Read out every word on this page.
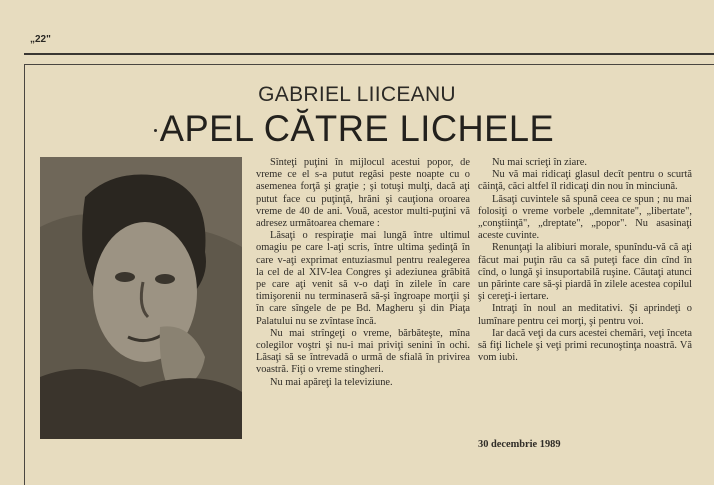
„22"
GABRIEL LIICEANU
APEL CĂTRE LICHELE

Sînteţi puţini în mijlocul acestui popor, de vreme ce el s-a putut regăsi peste noapte cu o asemenea forţă şi graţie ; şi totuşi mulţi, dacă aţi putut face cu puţinţă, hrăni şi cauţiona oroarea vreme de 40 de ani. Vouă, acestor multi-puţini vă adresez următoarea chemare :

Lăsaţi o respiraţie mai lungă între ultimul omagiu pe care l-aţi scris, între ultima şedinţă în care v-aţi exprimat entuziasmul pentru realegerea la cel de al XIV-lea Congres şi adeziunea grăbită pe care aţi venit să v-o daţi în zilele în care timişorenii nu terminaseră să-şi îngroape morţii şi în care sîngele de pe Bd. Magheru şi din Piaţa Palatului nu se zvîntase încă.

Nu mai strîngeţi o vreme, bărbăteşte, mîna colegilor voştri şi nu-i mai priviţi senini în ochi. Lăsaţi să se întrevadă o urmă de sfială în privirea voastră. Fiţi o vreme stingheri.

Nu mai apăreţi la televiziune.

Nu mai scrieţi în ziare.

Nu vă mai ridicaţi glasul decît pentru o scurtă căinţă, căci altfel îl ridicaţi din nou în minciună.

Lăsaţi cuvintele să spună ceea ce spun ; nu mai folosiţi o vreme vorbele „demnitate", „libertate", „conştiinţă", „dreptate", „popor". Nu asasinaţi aceste cuvinte.

Renunţaţi la alibiuri morale, spunîndu-vă că aţi făcut mai puţin rău ca să puteţi face din cînd în cînd, o lungă şi insuportabilă ruşine. Căutaţi atunci un părinte care să-şi piardă în zilele acestea copilul şi cereţi-i iertare.

Intraţi în noul an meditativi. Şi aprindeţi o lumînare pentru cei morţi, şi pentru voi.

Iar dacă veţi da curs acestei chemări, veţi înceta să fiţi lichele şi veţi primi recunoştinţa noastră. Vă vom iubi.

30 decembrie 1989
